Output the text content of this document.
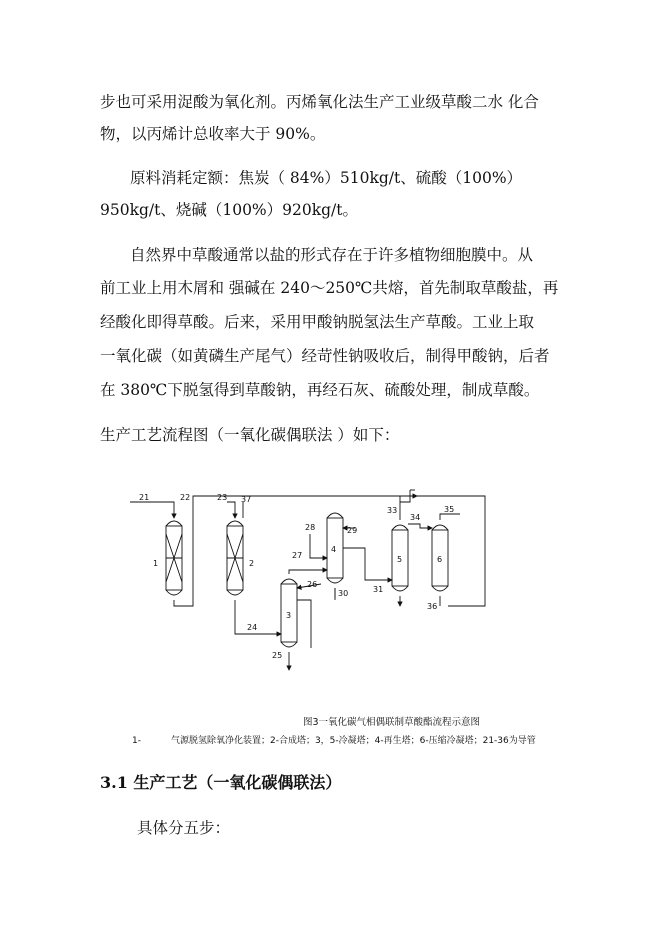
步也可采用浞酸为氧化剂。丙烯氧化法生产工业级草酸二水 化合

物，以丙烯计总收率大于 90%。

原料消耗定额：焦炭（ 84%）510kg/t、硫酸（100%）

950kg/t、烧碱（100%）920kg/t。

自然界中草酸通常以盐的形式存在于许多植物细胞膜中。从

前工业上用木屑和 强碱在 240～250℃共熔，首先制取草酸盐，再

经酸化即得草酸。后来，采用甲酸钠脱氢法生产草酸。工业上取

一氧化碳（如黄磷生产尾气）经苛性钠吸收后，制得甲酸钠，后者

在 380℃下脱氢得到草酸钠，再经石灰、硫酸处理，制成草酸。

生产工艺流程图（一氧化碳偶联法 ）如下：

1	2
3
4
5	6
21	22	23 37
24
25
26
27
28	29
30	31
33
34
35
36
图3一氧化碳气相偶联制草酸酯流程示意图
1-	气源脱氢除氧净化装置；2-合成塔；3，5-冷凝塔；4-再生塔；6-压缩冷凝塔；21-36为导管
3.1 生产工艺（一氧化碳偶联法）

具体分五步：
